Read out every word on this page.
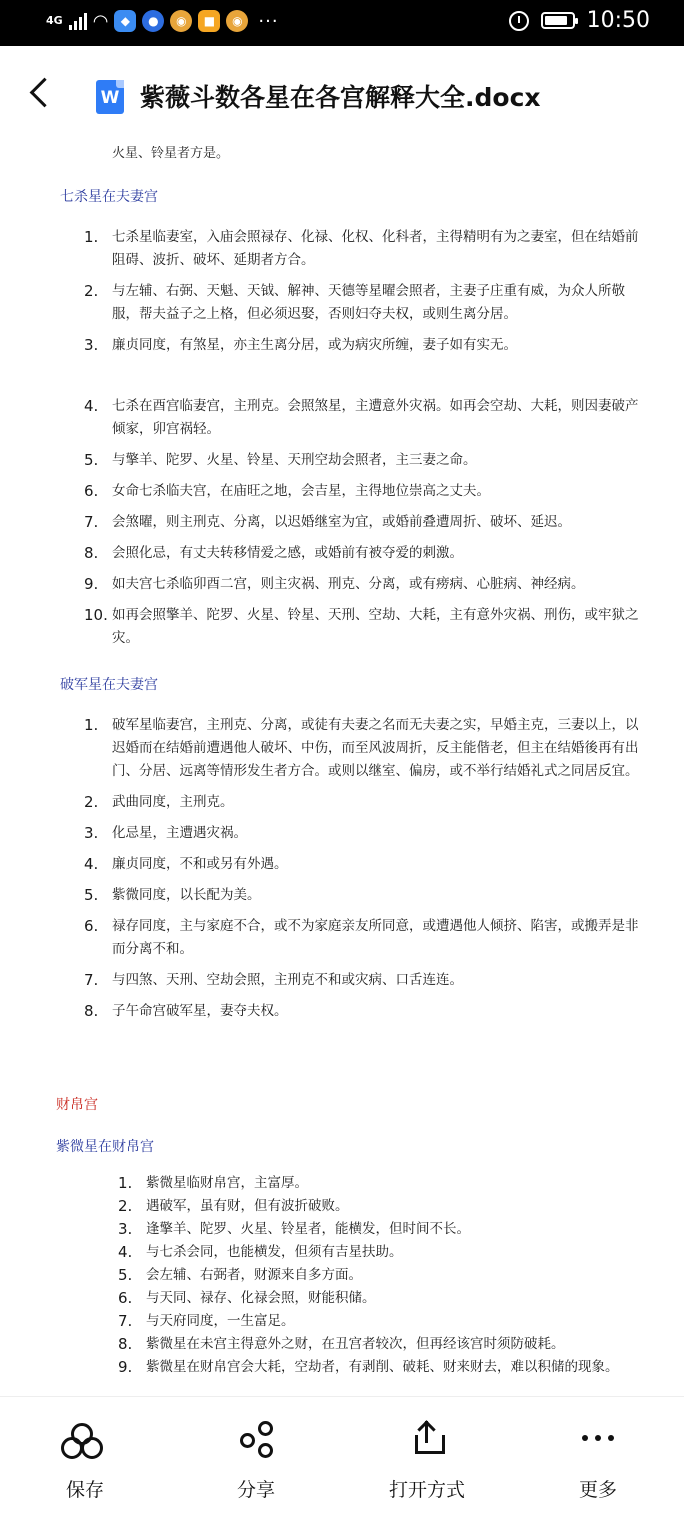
4G ◠	◆	●	◉	■	◉ ···	10:50
W 紫薇斗数各星在各宫解释大全.docx
火星、铃星者方是。
七杀星在夫妻宫
1. 七杀星临妻室，入庙会照禄存、化禄、化权、化科者，主得精明有为之妻室，但在结婚前阻碍、波折、破坏、延期者方合。
2. 与左辅、右弼、天魁、天钺、解神、天德等星曜会照者，主妻子庄重有威，为众人所敬服，帮夫益子之上格，但必须迟娶，否则妇夺夫权，或则生离分居。
3. 廉贞同度，有煞星，亦主生离分居，或为病灾所缠，妻子如有实无。
4. 七杀在酉宫临妻宫，主刑克。会照煞星，主遭意外灾祸。如再会空劫、大耗，则因妻破产倾家，卯宫祸轻。
5. 与擎羊、陀罗、火星、铃星、天刑空劫会照者，主三妻之命。
6. 女命七杀临夫宫，在庙旺之地，会吉星，主得地位崇高之丈夫。
7. 会煞曜，则主刑克、分离，以迟婚继室为宜，或婚前叠遭周折、破坏、延迟。
8. 会照化忌，有丈夫转移情爱之感，或婚前有被夺爱的刺激。
9. 如夫宫七杀临卯酉二宫，则主灾祸、刑克、分离，或有痨病、心脏病、神经病。
10. 如再会照擎羊、陀罗、火星、铃星、天刑、空劫、大耗，主有意外灾祸、刑伤，或牢狱之灾。
破军星在夫妻宫
1. 破军星临妻宫，主刑克、分离，或徒有夫妻之名而无夫妻之实，早婚主克，三妻以上，以迟婚而在结婚前遭遇他人破坏、中伤，而至风波周折，反主能偕老，但主在结婚後再有出门、分居、远离等情形发生者方合。或则以继室、偏房，或不举行结婚礼式之同居反宜。
2. 武曲同度，主刑克。
3. 化忌星，主遭遇灾祸。
4. 廉贞同度，不和或另有外遇。
5. 紫微同度，以长配为美。
6. 禄存同度，主与家庭不合，或不为家庭亲友所同意，或遭遇他人倾挤、陷害，或搬弄是非而分离不和。
7. 与四煞、天刑、空劫会照，主刑克不和或灾病、口舌连连。
8. 子午命宫破军星，妻夺夫权。
财帛宫
紫微星在财帛宫
1. 紫微星临财帛宫，主富厚。
2. 遇破军，虽有财，但有波折破败。
3. 逢擎羊、陀罗、火星、铃星者，能横发，但时间不长。
4. 与七杀会同，也能横发，但须有吉星扶助。
5. 会左辅、右弼者，财源来自多方面。
6. 与天同、禄存、化禄会照，财能积储。
7. 与天府同度，一生富足。
8. 紫微星在未宫主得意外之财，在丑宫者较次，但再经该宫时须防破耗。
9. 紫微星在财帛宫会大耗，空劫者，有剥削、破耗、财来财去，难以积储的现象。
保存	分享	打开方式	更多
